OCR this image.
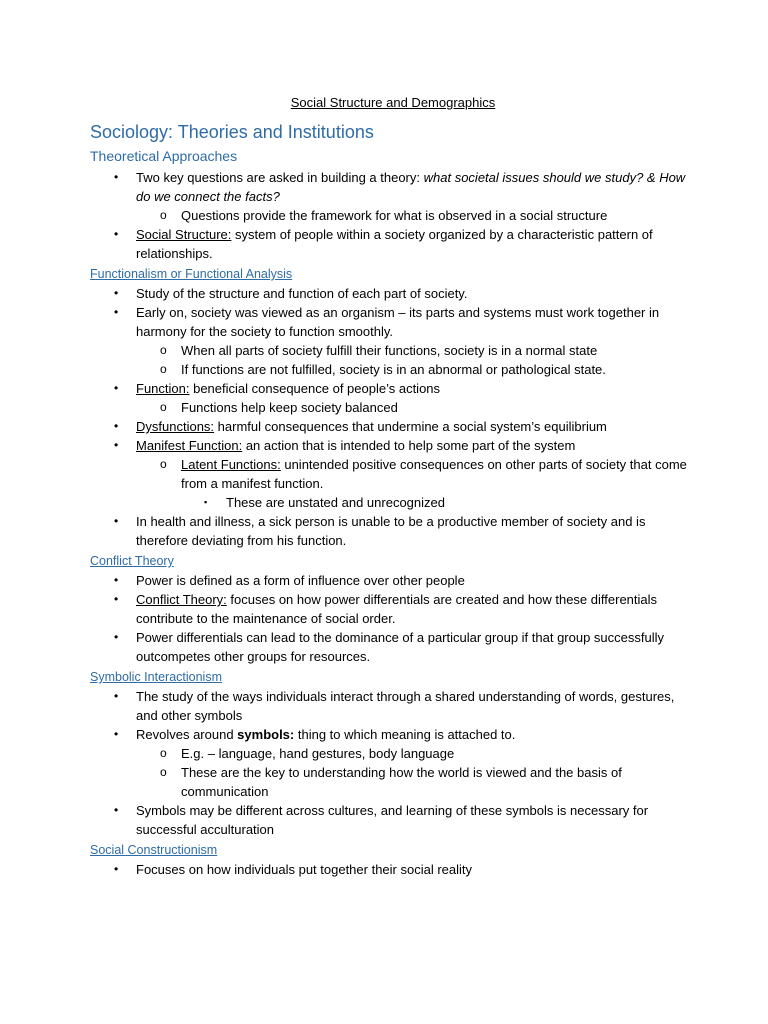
Social Structure and Demographics
Sociology: Theories and Institutions
Theoretical Approaches
• Two key questions are asked in building a theory: what societal issues should we study? & How do we connect the facts?
o Questions provide the framework for what is observed in a social structure
• Social Structure: system of people within a society organized by a characteristic pattern of relationships.
Functionalism or Functional Analysis
• Study of the structure and function of each part of society.
• Early on, society was viewed as an organism – its parts and systems must work together in harmony for the society to function smoothly.
o When all parts of society fulfill their functions, society is in a normal state
o If functions are not fulfilled, society is in an abnormal or pathological state.
• Function: beneficial consequence of people’s actions
o Functions help keep society balanced
• Dysfunctions: harmful consequences that undermine a social system’s equilibrium
• Manifest Function: an action that is intended to help some part of the system
o Latent Functions: unintended positive consequences on other parts of society that come from a manifest function.
▪ These are unstated and unrecognized
• In health and illness, a sick person is unable to be a productive member of society and is therefore deviating from his function.
Conflict Theory
• Power is defined as a form of influence over other people
• Conflict Theory: focuses on how power differentials are created and how these differentials contribute to the maintenance of social order.
• Power differentials can lead to the dominance of a particular group if that group successfully outcompetes other groups for resources.
Symbolic Interactionism
• The study of the ways individuals interact through a shared understanding of words, gestures, and other symbols
• Revolves around symbols: thing to which meaning is attached to.
o E.g. – language, hand gestures, body language
o These are the key to understanding how the world is viewed and the basis of communication
• Symbols may be different across cultures, and learning of these symbols is necessary for successful acculturation
Social Constructionism
• Focuses on how individuals put together their social reality
